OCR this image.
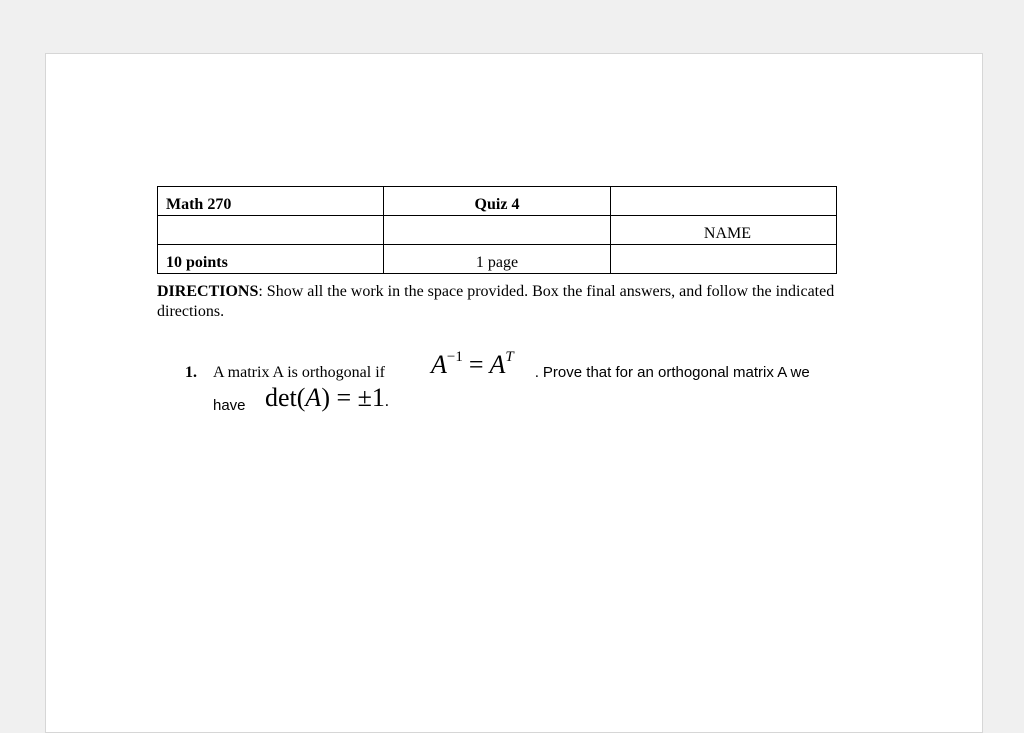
Math 270	Quiz 4	
		NAME
10 points	1 page	
DIRECTIONS: Show all the work in the space provided. Box the final answers, and follow the indicated directions.
1. A matrix A is orthogonal if $A^{-1} = A^T$
. Prove that for an orthogonal matrix A we
have det(A) = ±1.
